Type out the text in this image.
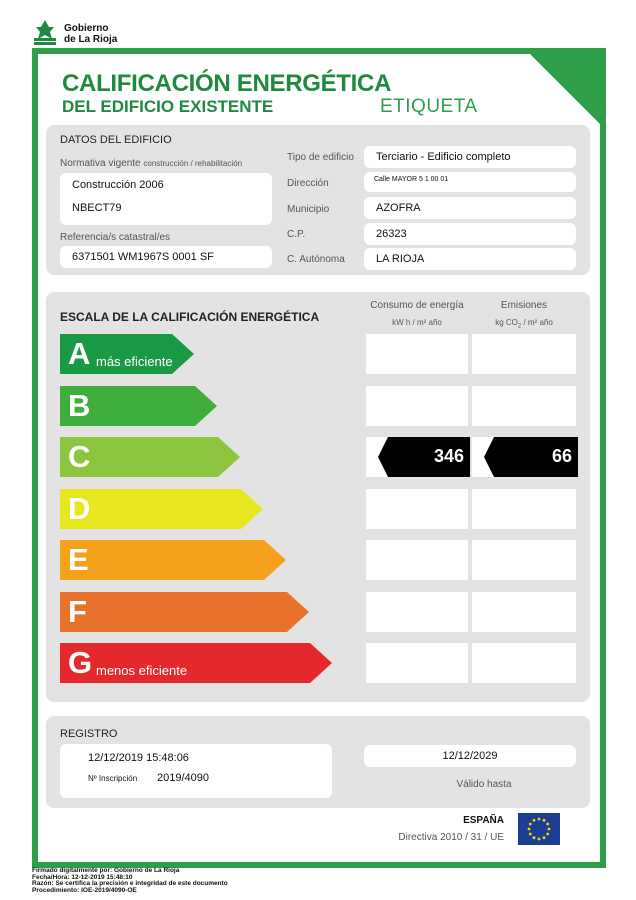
Gobierno
de La Rioja
CALIFICACIÓN ENERGÉTICA
DEL EDIFICIO EXISTENTE	ETIQUETA
DATOS DEL EDIFICIO
Normativa vigente construcción / rehabilitación
Construcción 2006
NBECT79
Referencia/s catastral/es
6371501 WM1967S 0001 SF
Tipo de edificio Terciario - Edificio completo
Dirección	Calle MAYOR 5 1 00 01
Municipio	AZOFRA
C.P.	26323
C. Autónoma	LA RIOJA
ESCALA DE LA CALIFICACIÓN ENERGÉTICA
Consumo de energía
kW h / m² año
Emisiones
kg $CO_2 / m^2$ año
A más eficiente
B
C	346	66
D
E
F
G menos eficiente
REGISTRO
12/12/2019 15:48:06
Nº Inscripción 2019/4090
12/12/2029
Válido hasta
ESPAÑA
Directiva 2010 / 31 / UE
Firmado digitalmente por: Gobierno de La Rioja
Fecha/Hora: 12-12-2019 15:48:10
Razón: Se certifica la precisión e integridad de este documento
Procedimiento: IOE-2019/4090-OE
